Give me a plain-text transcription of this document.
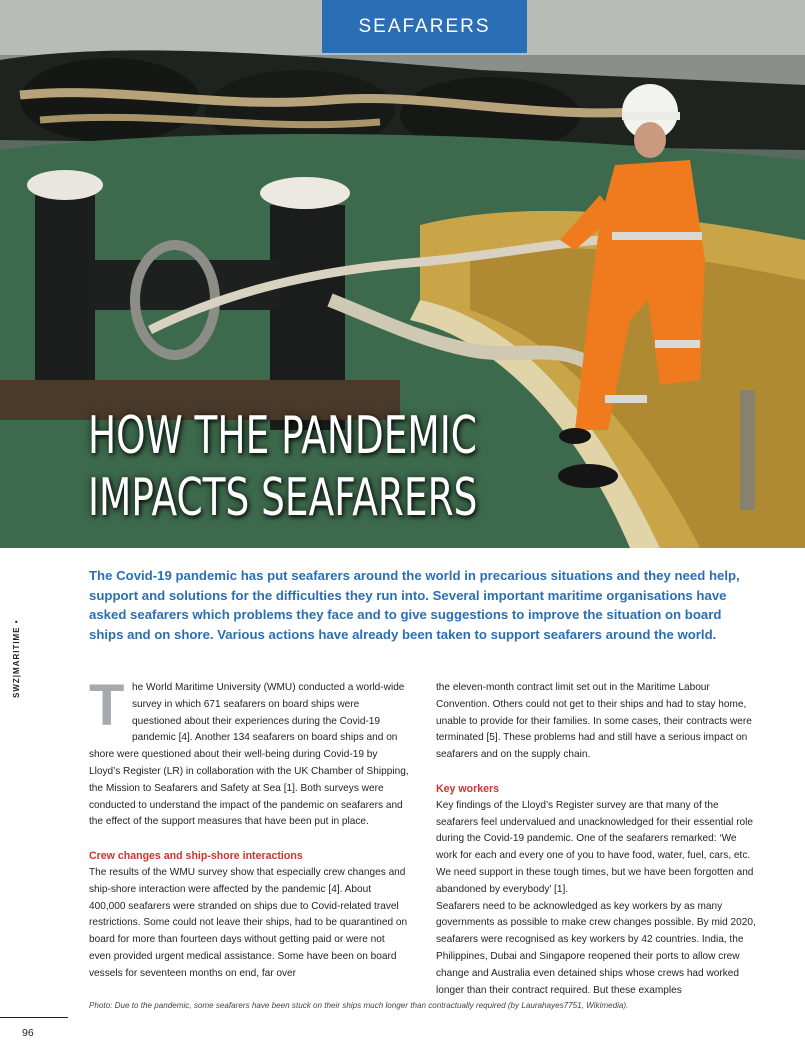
SEAFARERS
HOW THE PANDEMIC
IMPACTS SEAFARERS

The Covid-19 pandemic has put seafarers around the world in precarious situations and they need help, support and solutions for the difficulties they run into. Several important maritime organisations have asked seafarers which problems they face and to give suggestions to improve the situation on board ships and on shore. Various actions have already been taken to support seafarers around the world.

SWZ|MARITIME •
T he World Maritime University (WMU) conducted a world-wide survey in which 671 seafarers on board ships were questioned about their experiences during the Covid-19 pandemic [4]. Another 134 seafarers on board ships and on shore were questioned about their well-being during Covid-19 by Lloyd’s Register (LR) in collaboration with the UK Chamber of Shipping, the Mission to Seafarers and Safety at Sea [1]. Both surveys were conducted to understand the impact of the pandemic on seafarers and the effect of the support measures that have been put in place.

Crew changes and ship-shore interactions

The results of the WMU survey show that especially crew changes and ship-shore interaction were affected by the pandemic [4]. About 400,000 seafarers were stranded on ships due to Covid-related travel restrictions. Some could not leave their ships, had to be quarantined on board for more than fourteen days without getting paid or were not even provided urgent medical assistance. Some have been on board vessels for seventeen months on end, far over

the eleven-month contract limit set out in the Maritime Labour Convention. Others could not get to their ships and had to stay home, unable to provide for their families. In some cases, their contracts were terminated [5]. These problems had and still have a serious impact on seafarers and on the supply chain.

Key workers

Key findings of the Lloyd’s Register survey are that many of the seafarers feel undervalued and unacknowledged for their essential role during the Covid-19 pandemic. One of the seafarers remarked: ‘We work for each and every one of you to have food, water, fuel, cars, etc. We need support in these tough times, but we have been forgotten and abandoned by everybody’ [1].

Seafarers need to be acknowledged as key workers by as many governments as possible to make crew changes possible. By mid 2020, seafarers were recognised as key workers by 42 countries. India, the Philippines, Dubai and Singapore reopened their ports to allow crew change and Australia even detained ships whose crews had worked longer than their contract required. But these examples

Photo: Due to the pandemic, some seafarers have been stuck on their ships much longer than contractually required (by Laurahayes7751, Wikimedia).
96
